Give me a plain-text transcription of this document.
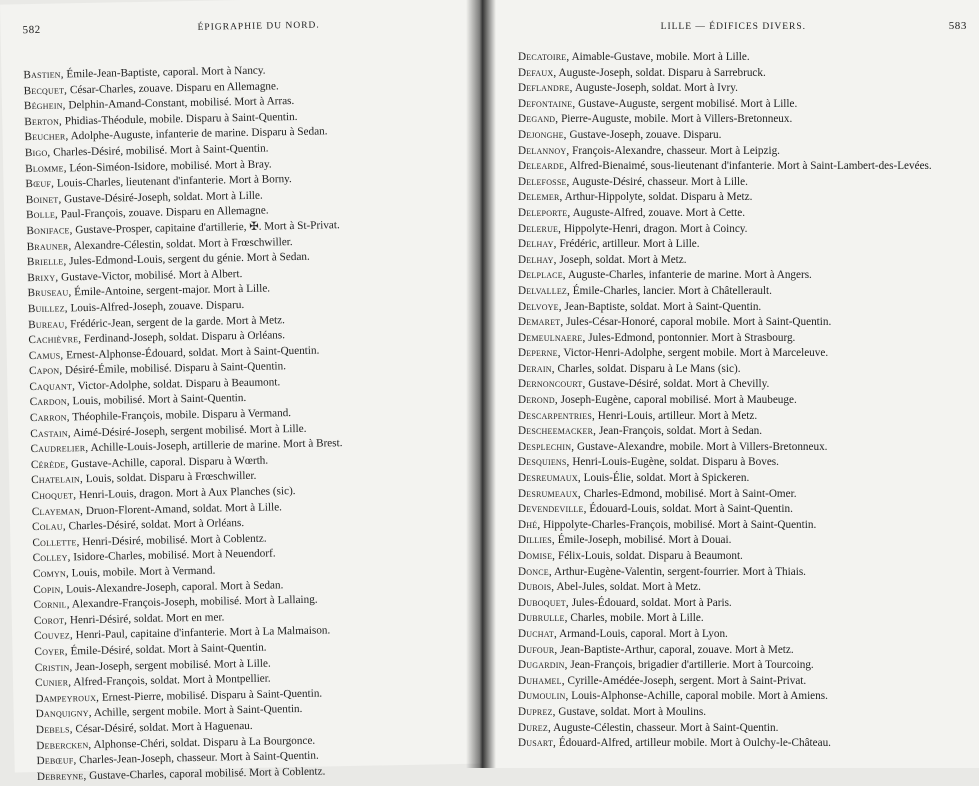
582	ÉPIGRAPHIE DU NORD.
Bastien, Émile-Jean-Baptiste, caporal. Mort à Nancy.
Becquet, César-Charles, zouave. Disparu en Allemagne.
Béghein, Delphin-Amand-Constant, mobilisé. Mort à Arras.
Berton, Phidias-Théodule, mobile. Disparu à Saint-Quentin.
Beucher, Adolphe-Auguste, infanterie de marine. Disparu à Sedan.
Bigo, Charles-Désiré, mobilisé. Mort à Saint-Quentin.
Blomme, Léon-Siméon-Isidore, mobilisé. Mort à Bray.
Bœuf, Louis-Charles, lieutenant d'infanterie. Mort à Borny.
Boinet, Gustave-Désiré-Joseph, soldat. Mort à Lille.
Bolle, Paul-François, zouave. Disparu en Allemagne.
Boniface, Gustave-Prosper, capitaine d'artillerie, ✠. Mort à St-Privat.
Brauner, Alexandre-Célestin, soldat. Mort à Frœschwiller.
Brielle, Jules-Edmond-Louis, sergent du génie. Mort à Sedan.
Brixy, Gustave-Victor, mobilisé. Mort à Albert.
Bruseau, Émile-Antoine, sergent-major. Mort à Lille.
Buillez, Louis-Alfred-Joseph, zouave. Disparu.
Bureau, Frédéric-Jean, sergent de la garde. Mort à Metz.
Cachièvre, Ferdinand-Joseph, soldat. Disparu à Orléans.
Camus, Ernest-Alphonse-Édouard, soldat. Mort à Saint-Quentin.
Capon, Désiré-Émile, mobilisé. Disparu à Saint-Quentin.
Caquant, Victor-Adolphe, soldat. Disparu à Beaumont.
Cardon, Louis, mobilisé. Mort à Saint-Quentin.
Carron, Théophile-François, mobile. Disparu à Vermand.
Castain, Aimé-Désiré-Joseph, sergent mobilisé. Mort à Lille.
Caudrelier, Achille-Louis-Joseph, artillerie de marine. Mort à Brest.
Cérède, Gustave-Achille, caporal. Disparu à Wœrth.
Chatelain, Louis, soldat. Disparu à Frœschwiller.
Choquet, Henri-Louis, dragon. Mort à Aux Planches (sic).
Clayeman, Druon-Florent-Amand, soldat. Mort à Lille.
Colau, Charles-Désiré, soldat. Mort à Orléans.
Collette, Henri-Désiré, mobilisé. Mort à Coblentz.
Colley, Isidore-Charles, mobilisé. Mort à Neuendorf.
Comyn, Louis, mobile. Mort à Vermand.
Copin, Louis-Alexandre-Joseph, caporal. Mort à Sedan.
Cornil, Alexandre-François-Joseph, mobilisé. Mort à Lallaing.
Corot, Henri-Désiré, soldat. Mort en mer.
Couvez, Henri-Paul, capitaine d'infanterie. Mort à La Malmaison.
Coyer, Émile-Désiré, soldat. Mort à Saint-Quentin.
Cristin, Jean-Joseph, sergent mobilisé. Mort à Lille.
Cunier, Alfred-François, soldat. Mort à Montpellier.
Dampeyroux, Ernest-Pierre, mobilisé. Disparu à Saint-Quentin.
Danquigny, Achille, sergent mobile. Mort à Saint-Quentin.
Debels, César-Désiré, soldat. Mort à Haguenau.
Debercken, Alphonse-Chéri, soldat. Disparu à La Bourgonce.
Debœuf, Charles-Jean-Joseph, chasseur. Mort à Saint-Quentin.
Debreyne, Gustave-Charles, caporal mobilisé. Mort à Coblentz.
LILLE — ÉDIFICES DIVERS.	583
Decatoire, Aimable-Gustave, mobile. Mort à Lille.
Defaux, Auguste-Joseph, soldat. Disparu à Sarrebruck.
Deflandre, Auguste-Joseph, soldat. Mort à Ivry.
Defontaine, Gustave-Auguste, sergent mobilisé. Mort à Lille.
Degand, Pierre-Auguste, mobile. Mort à Villers-Bretonneux.
Dejonghe, Gustave-Joseph, zouave. Disparu.
Delannoy, François-Alexandre, chasseur. Mort à Leipzig.
Delearde, Alfred-Bienaimé, sous-lieutenant d'infanterie. Mort à Saint-Lambert-des-Levées.
Delefosse, Auguste-Désiré, chasseur. Mort à Lille.
Delemer, Arthur-Hippolyte, soldat. Disparu à Metz.
Deleporte, Auguste-Alfred, zouave. Mort à Cette.
Delerue, Hippolyte-Henri, dragon. Mort à Coincy.
Delhay, Frédéric, artilleur. Mort à Lille.
Delhay, Joseph, soldat. Mort à Metz.
Delplace, Auguste-Charles, infanterie de marine. Mort à Angers.
Delvallez, Émile-Charles, lancier. Mort à Châtellerault.
Delvoye, Jean-Baptiste, soldat. Mort à Saint-Quentin.
Demaret, Jules-César-Honoré, caporal mobile. Mort à Saint-Quentin.
Demeulnaere, Jules-Edmond, pontonnier. Mort à Strasbourg.
Deperne, Victor-Henri-Adolphe, sergent mobile. Mort à Marceleuve.
Derain, Charles, soldat. Disparu à Le Mans (sic).
Dernoncourt, Gustave-Désiré, soldat. Mort à Chevilly.
Derond, Joseph-Eugène, caporal mobilisé. Mort à Maubeuge.
Descarpentries, Henri-Louis, artilleur. Mort à Metz.
Descheemacker, Jean-François, soldat. Mort à Sedan.
Desplechin, Gustave-Alexandre, mobile. Mort à Villers-Bretonneux.
Desquiens, Henri-Louis-Eugène, soldat. Disparu à Boves.
Desreumaux, Louis-Élie, soldat. Mort à Spickeren.
Desrumeaux, Charles-Edmond, mobilisé. Mort à Saint-Omer.
Devendeville, Édouard-Louis, soldat. Mort à Saint-Quentin.
Dhé, Hippolyte-Charles-François, mobilisé. Mort à Saint-Quentin.
Dillies, Émile-Joseph, mobilisé. Mort à Douai.
Domise, Félix-Louis, soldat. Disparu à Beaumont.
Donce, Arthur-Eugène-Valentin, sergent-fourrier. Mort à Thiais.
Dubois, Abel-Jules, soldat. Mort à Metz.
Duboquet, Jules-Édouard, soldat. Mort à Paris.
Dubrulle, Charles, mobile. Mort à Lille.
Duchat, Armand-Louis, caporal. Mort à Lyon.
Dufour, Jean-Baptiste-Arthur, caporal, zouave. Mort à Metz.
Dugardin, Jean-François, brigadier d'artillerie. Mort à Tourcoing.
Duhamel, Cyrille-Amédée-Joseph, sergent. Mort à Saint-Privat.
Dumoulin, Louis-Alphonse-Achille, caporal mobile. Mort à Amiens.
Duprez, Gustave, soldat. Mort à Moulins.
Durez, Auguste-Célestin, chasseur. Mort à Saint-Quentin.
Dusart, Édouard-Alfred, artilleur mobile. Mort à Oulchy-le-Château.
